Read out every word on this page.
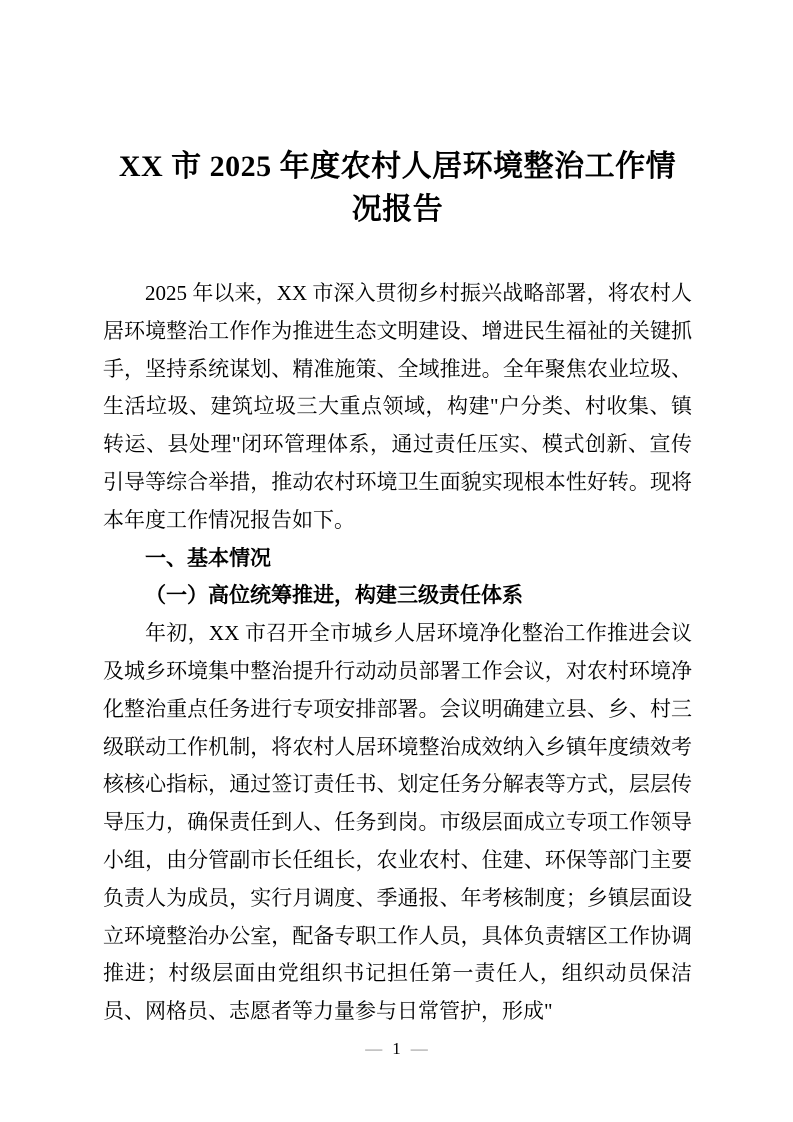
XX 市 2025 年度农村人居环境整治工作情
况报告

2025 年以来，XX 市深入贯彻乡村振兴战略部署，将农村人居环境整治工作作为推进生态文明建设、增进民生福祉的关键抓手，坚持系统谋划、精准施策、全域推进。全年聚焦农业垃圾、生活垃圾、建筑垃圾三大重点领域，构建"户分类、村收集、镇转运、县处理"闭环管理体系，通过责任压实、模式创新、宣传引导等综合举措，推动农村环境卫生面貌实现根本性好转。现将本年度工作情况报告如下。

一、基本情况
（一）高位统筹推进，构建三级责任体系

年初，XX 市召开全市城乡人居环境净化整治工作推进会议及城乡环境集中整治提升行动动员部署工作会议，对农村环境净化整治重点任务进行专项安排部署。会议明确建立县、乡、村三级联动工作机制，将农村人居环境整治成效纳入乡镇年度绩效考核核心指标，通过签订责任书、划定任务分解表等方式，层层传导压力，确保责任到人、任务到岗。市级层面成立专项工作领导小组，由分管副市长任组长，农业农村、住建、环保等部门主要负责人为成员，实行月调度、季通报、年考核制度；乡镇层面设立环境整治办公室，配备专职工作人员，具体负责辖区工作协调推进；村级层面由党组织书记担任第一责任人，组织动员保洁员、网格员、志愿者等力量参与日常管护，形成"

— 1 —
